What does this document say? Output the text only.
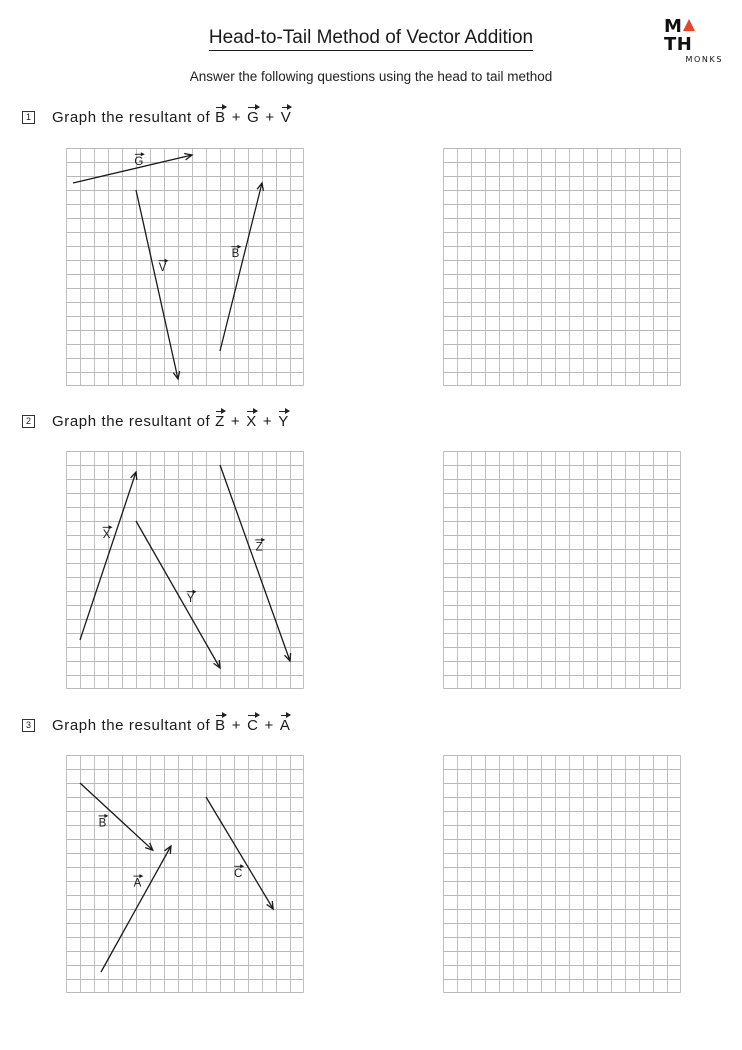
Head-to-Tail Method of Vector Addition
Answer the following questions using the head to tail method
MTH
MONKS
1 Graph the resultant of B + G + V
G
V
B
2 Graph the resultant of Z + X + Y
X
Y
Z
3 Graph the resultant of B + C + A
B
A
C
